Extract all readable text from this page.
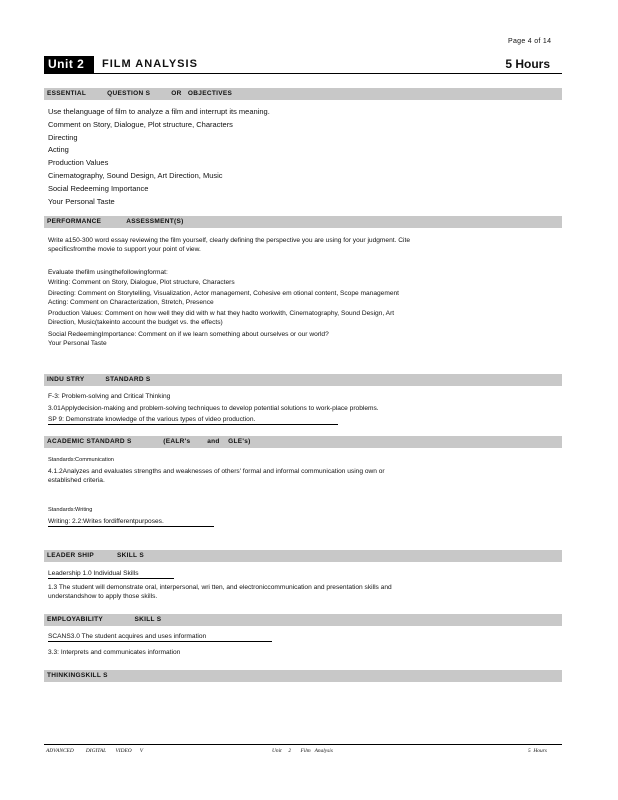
Page 4 of 14
Unit 2	FILM ANALYSIS	5 Hours
ESSENTIAL          QUESTION S          OR   OBJECTIVES
Use thelanguage of film to analyze a film and interrupt its meaning.
Comment on Story, Dialogue, Plot structure, Characters
Directing
Acting
Production Values
Cinematography, Sound Design, Art Direction, Music
Social Redeeming Importance
Your Personal Taste
PERFORMANCE            ASSESSMENT(S)
Write a150-300 word essay reviewing the film yourself, clearly defining the perspective you are using for your judgment. Cite
specificsfromthe movie to support your point of view.
Evaluate thefilm usingthefollowingformat:
Writing: Comment on Story, Dialogue, Plot structure, Characters
Directing: Comment on Storytelling, Visualization, Actor management, Cohesive em otional content, Scope management
Acting: Comment on Characterization, Stretch, Presence
Production Values: Comment on how well they did with w hat they hadto workwith, Cinematography, Sound Design, Art
Direction, Music(takeinto account the budget vs. the effects)
Social RedeemingImportance: Comment on if we learn something about ourselves or our world?
Your Personal Taste
INDU STRY          STANDARD S
F-3: Problem-solving and Critical Thinking
3.01Applydecision-making and problem-solving techniques to develop potential solutions to work-place problems.
SP 9: Demonstrate knowledge of the various types of video production.
ACADEMIC STANDARD S               (EALR's        and    GLE's)
Standards:Communication
4.1.2Analyzes and evaluates strengths and weaknesses of others' formal and informal communication using own or
established criteria.
Standards:Writing
Writing: 2.2:Writes fordifferentpurposes.
LEADER SHIP           SKILL S
Leadership 1.0 Individual Skills
1.3 The student will demonstrate oral, interpersonal, wri tten, and electroniccommunication and presentation skills and
understandshow to apply those skills.
EMPLOYABILITY               SKILL S
SCANS3.0 The student acquires and uses information
3.3: Interprets and communicates information
THINKINGSKILL S
ADVANCED         DIGITAL       VIDEO      V	Unit     2       Film   Analysis	5  Hours
